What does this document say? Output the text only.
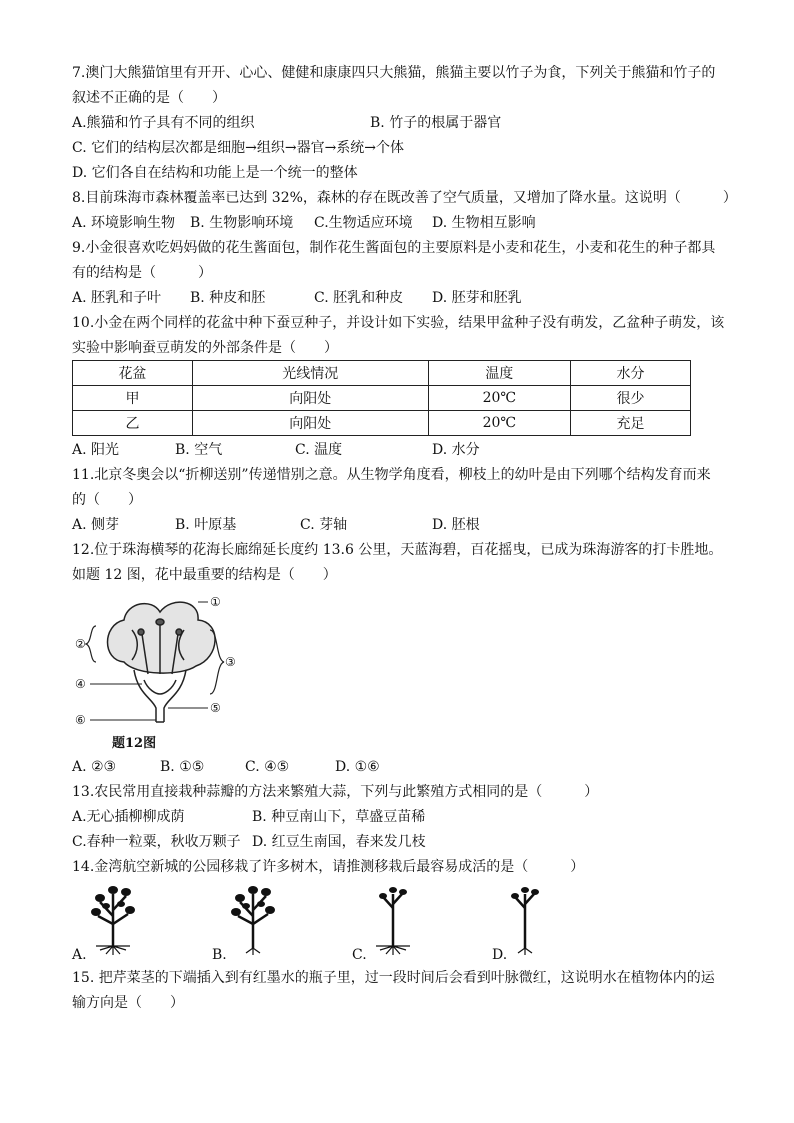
7.澳门大熊猫馆里有开开、心心、健健和康康四只大熊猫，熊猫主要以竹子为食，下列关于熊猫和竹子的
叙述不正确的是（　　）
A.熊猫和竹子具有不同的组织	B. 竹子的根属于器官
C. 它们的结构层次都是细胞→组织→器官→系统→个体
D. 它们各自在结构和功能上是一个统一的整体
8.目前珠海市森林覆盖率已达到 32%，森林的存在既改善了空气质量，又增加了降水量。这说明（　　　）
A. 环境影响生物 B. 生物影响环境 C.生物适应环境 D. 生物相互影响
9.小金很喜欢吃妈妈做的花生酱面包，制作花生酱面包的主要原料是小麦和花生，小麦和花生的种子都具
有的结构是（　　　）
A. 胚乳和子叶 B. 种皮和胚	C. 胚乳和种皮 D. 胚芽和胚乳
10.小金在两个同样的花盆中种下蚕豆种子，并设计如下实验，结果甲盆种子没有萌发，乙盆种子萌发，该
实验中影响蚕豆萌发的外部条件是（　　）
花盆	光线情况	温度	水分
甲	向阳处	20℃	很少
乙	向阳处	20℃	充足
A. 阳光	B. 空气	C. 温度	D. 水分
11.北京冬奥会以“折柳送别”传递惜别之意。从生物学角度看，柳枝上的幼叶是由下列哪个结构发育而来
的（　　）
A. 侧芽	B. 叶原基	C. 芽轴	D. 胚根
12.位于珠海横琴的花海长廊绵延长度约 13.6 公里，天蓝海碧，百花摇曳，已成为珠海游客的打卡胜地。
如题 12 图，花中最重要的结构是（　　）
①
②
③
④
⑤
⑥
题12图
A. ②③	B. ①⑤	C. ④⑤	D. ①⑥
13.农民常用直接栽种蒜瓣的方法来繁殖大蒜，下列与此繁殖方式相同的是（　　　）
A.无心插柳柳成荫	B. 种豆南山下，草盛豆苗稀
C.春种一粒粟，秋收万颗子 D. 红豆生南国，春来发几枝
14.金湾航空新城的公园移栽了许多树木，请推测移栽后最容易成活的是（　　　）
A.	B.	C.	D.
15. 把芹菜茎的下端插入到有红墨水的瓶子里，过一段时间后会看到叶脉微红，这说明水在植物体内的运
输方向是（　　）
